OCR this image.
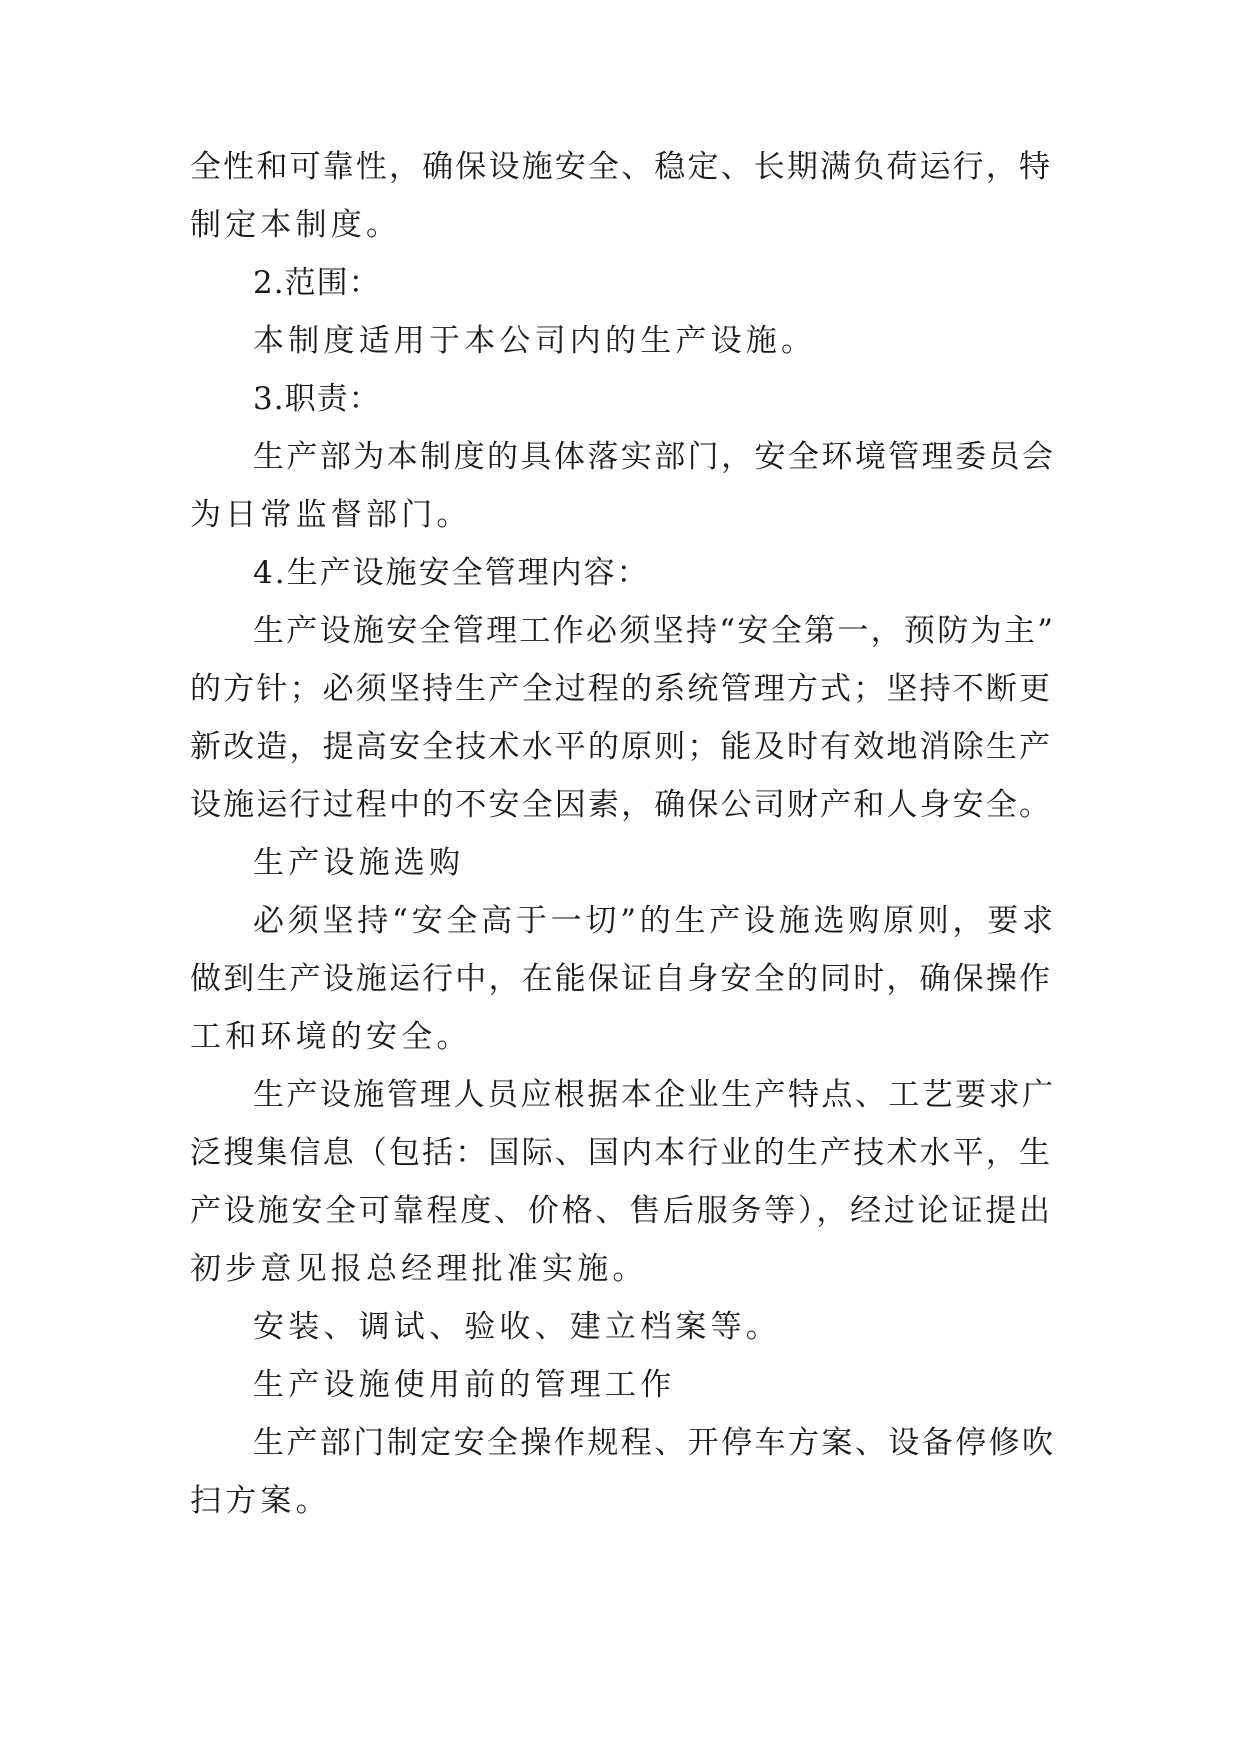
全性和可靠性，确保设施安全、稳定、长期满负荷运行，特
制定本制度。
2.范围：
本制度适用于本公司内的生产设施。
3.职责：
生产部为本制度的具体落实部门，安全环境管理委员会
为日常监督部门。
4.生产设施安全管理内容：
生产设施安全管理工作必须坚持“安全第一，预防为主”
的方针；必须坚持生产全过程的系统管理方式；坚持不断更
新改造，提高安全技术水平的原则；能及时有效地消除生产
设施运行过程中的不安全因素，确保公司财产和人身安全。
生产设施选购
必须坚持“安全高于一切”的生产设施选购原则，要求
做到生产设施运行中，在能保证自身安全的同时，确保操作
工和环境的安全。
生产设施管理人员应根据本企业生产特点、工艺要求广
泛搜集信息（包括：国际、国内本行业的生产技术水平，生
产设施安全可靠程度、价格、售后服务等），经过论证提出
初步意见报总经理批准实施。
安装、调试、验收、建立档案等。
生产设施使用前的管理工作
生产部门制定安全操作规程、开停车方案、设备停修吹
扫方案。
